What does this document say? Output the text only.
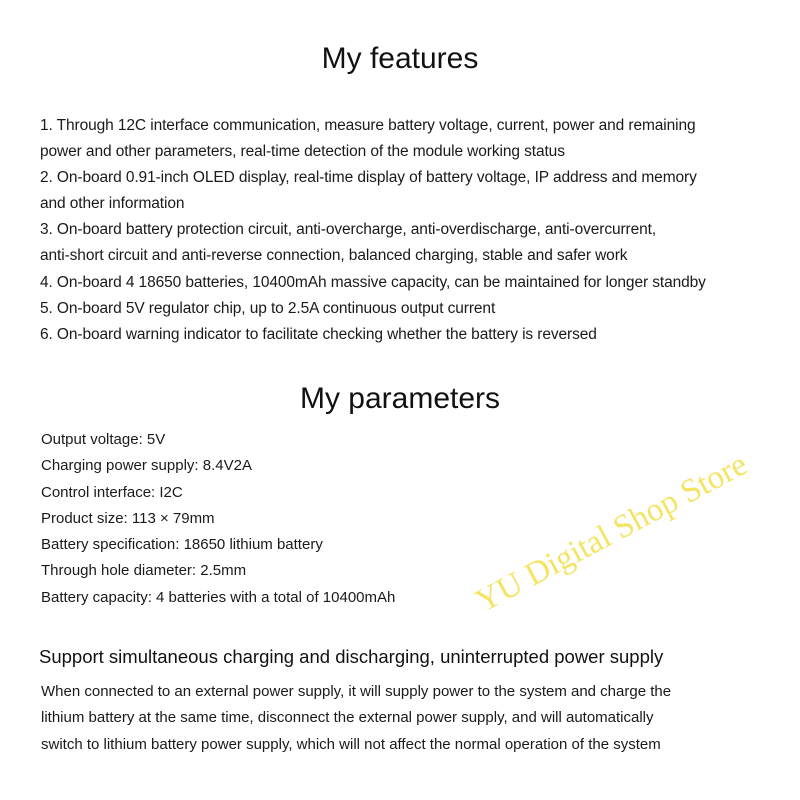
My features
1. Through 12C interface communication, measure battery voltage, current, power and remaining
power and other parameters, real-time detection of the module working status
2. On-board 0.91-inch OLED display, real-time display of battery voltage, IP address and memory
and other information
3. On-board battery protection circuit, anti-overcharge, anti-overdischarge, anti-overcurrent,
anti-short circuit and anti-reverse connection, balanced charging, stable and safer work
4. On-board 4 18650 batteries, 10400mAh massive capacity, can be maintained for longer standby
5. On-board 5V regulator chip, up to 2.5A continuous output current
6. On-board warning indicator to facilitate checking whether the battery is reversed
My parameters
Output voltage: 5V
Charging power supply: 8.4V2A
Control interface: I2C
Product size: 113 × 79mm
Battery specification: 18650 lithium battery
Through hole diameter: 2.5mm
Battery capacity: 4 batteries with a total of 10400mAh
Support simultaneous charging and discharging, uninterrupted power supply
When connected to an external power supply, it will supply power to the system and charge the
lithium battery at the same time, disconnect the external power supply, and will automatically
switch to lithium battery power supply, which will not affect the normal operation of the system
YU Digital Shop Store
